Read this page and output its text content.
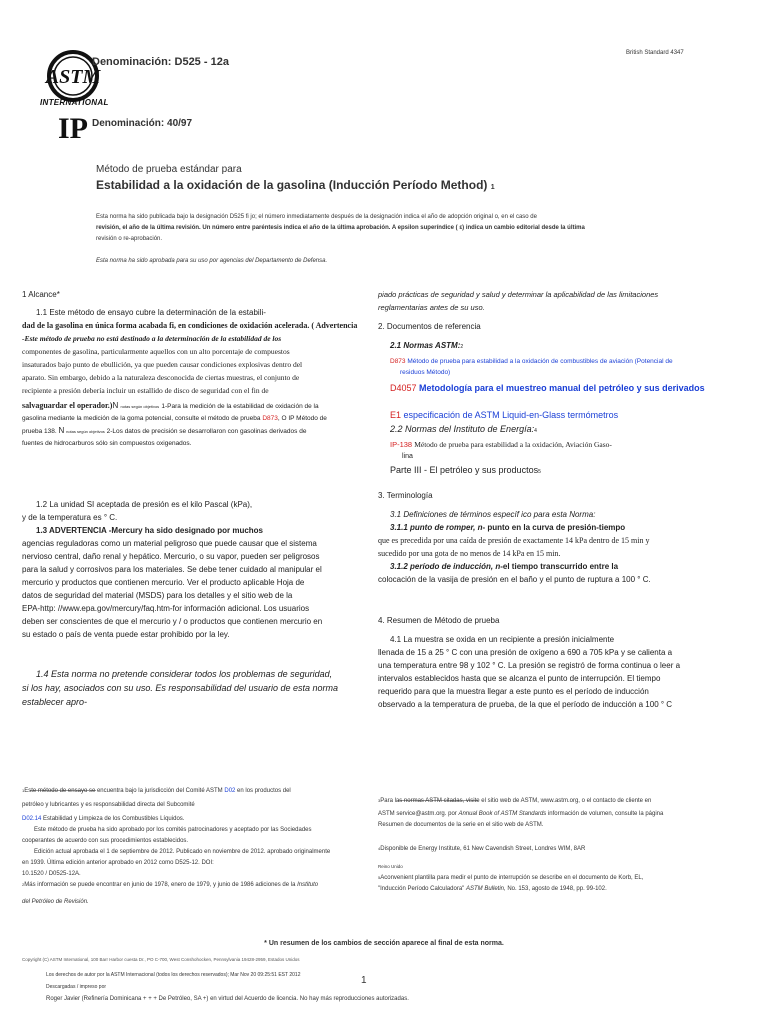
ASTM
INTERNATIONAL
Denominación: D525 - 12a
British Standard 4347
IP Denominación: 40/97
Método de prueba estándar para
Estabilidad a la oxidación de la gasolina (Inducción Período Method) 1
Esta norma ha sido publicada bajo la designación D525 fi jo; el número inmediatamente después de la designación indica el año de adopción original o, en el caso de
revisión, el año de la última revisión. Un número entre paréntesis indica el año de la última aprobación. A epsilon superíndice ( ε) indica un cambio editorial desde la última
revisión o re-aprobación.
Esta norma ha sido aprobada para su uso por agencias del Departamento de Defensa.

1 Alcance*

1.1 Este método de ensayo cubre la determinación de la estabili-

dad de la gasolina en única forma acabada fi, en condiciones de oxidación acelerada. ( Advertencia

-Este método de prueba no está destinado a la determinación de la estabilidad de los

componentes de gasolina, particularmente aquellos con un alto porcentaje de compuestos

insaturados bajo punto de ebullición, ya que pueden causar condiciones explosivas dentro del

aparato. Sin embargo, debido a la naturaleza desconocida de ciertas muestras, el conjunto de

recipiente a presión debería incluir un estallido de disco de seguridad con el fin de

salvaguardar el operador.)N notas según objetivos 1-Para la medición de la estabilidad de oxidación de la

gasolina mediante la medición de la goma potencial, consulte el método de prueba D873, O IP Método de

prueba 138. N notas según objetivos 2-Los datos de precisión se desarrollaron con gasolinas derivados de

fuentes de hidrocarburos sólo sin compuestos oxigenados.

1.2 La unidad SI aceptada de presión es el kilo Pascal (kPa),

y de la temperatura es ° C.

1.3 ADVERTENCIA -Mercury ha sido designado por muchos

agencias reguladoras como un material peligroso que puede causar que el sistema

nervioso central, daño renal y hepático. Mercurio, o su vapor, pueden ser peligrosos

para la salud y corrosivos para los materiales. Se debe tener cuidado al manipular el

mercurio y productos que contienen mercurio. Ver el producto aplicable Hoja de

datos de seguridad del material (MSDS) para los detalles y el sitio web de la

EPA-http: //www.epa.gov/mercury/faq.htm-for información adicional. Los usuarios

deben ser conscientes de que el mercurio y / o productos que contienen mercurio en

su estado o país de venta puede estar prohibido por la ley.

1.4 Esta norma no pretende considerar todos los problemas de seguridad,

si los hay, asociados con su uso. Es responsabilidad del usuario de esta norma

establecer apro-

piado prácticas de seguridad y salud y determinar la aplicabilidad de las limitaciones

reglamentarias antes de su uso.

2. Documentos de referencia

2.1 Normas ASTM:2

D873 Método de prueba para estabilidad a la oxidación de combustibles de aviación (Potencial de

residuos Método)

D4057 Metodología para el muestreo manual del petróleo y sus derivados

E1 especificación de ASTM Liquid-en-Glass termómetros

2.2 Normas del Instituto de Energía:4

IP-138 Método de prueba para estabilidad a la oxidación, Aviación Gaso-

lina

Parte III - El petróleo y sus productos5

3. Terminología

3.1 Definiciones de términos específ ico para esta Norma:

3.1.1 punto de romper, n- punto en la curva de presión-tiempo

que es precedida por una caída de presión de exactamente 14 kPa dentro de 15 min y

sucedido por una gota de no menos de 14 kPa en 15 min.

3.1.2 período de inducción, n-el tiempo transcurrido entre la

colocación de la vasija de presión en el baño y el punto de ruptura a 100 ° C.

4. Resumen de Método de prueba

4.1 La muestra se oxida en un recipiente a presión inicialmente

llenada de 15 a 25 ° C con una presión de oxígeno a 690 a 705 kPa y se calienta a

una temperatura entre 98 y 102 ° C. La presión se registró de forma continua o leer a

intervalos establecidos hasta que se alcanza el punto de interrupción. El tiempo

requerido para que la muestra llegar a este punto es el período de inducción

observado a la temperatura de prueba, de la que el período de inducción a 100 ° C

1Este método de ensayo se encuentra bajo la jurisdicción del Comité ASTM D02 en los productos del
petróleo y lubricantes y es responsabilidad directa del Subcomité
D02.14 Estabilidad y Limpieza de los Combustibles Líquidos.
Este método de prueba ha sido aprobado por los comités patrocinadores y aceptado por las Sociedades
cooperantes de acuerdo con sus procedimientos establecidos.
Edición actual aprobada el 1 de septiembre de 2012. Publicado en noviembre de 2012. aprobado originalmente
en 1939. Última edición anterior aprobado en 2012 como D525-12. DOI:
10.1520 / D0525-12A.
2Más información se puede encontrar en junio de 1978, enero de 1979, y junio de 1986 adiciones de la Instituto
del Petróleo de Revisión.
3Para las normas ASTM citadas, visite el sitio web de ASTM, www.astm.org, o el contacto de cliente en
ASTM service@astm.org. por Annual Book of ASTM Standards información de volumen, consulte la página
Resumen de documentos de la serie en el sitio web de ASTM.
4Disponible de Energy Institute, 61 New Cavendish Street, Londres WIM, 8AR
Reino Unido
5Aconvenient plantilla para medir el punto de interrupción se describe en el documento de Korb, EL,
"Inducción Período Calculadora" ASTM Bulletin, No. 153, agosto de 1948, pp. 99-102.
* Un resumen de los cambios de sección aparece al final de esta norma.
Copyright (C) ASTM International, 100 Barr Harbor cuesta Dr., PO C-700, West Conshohocken, Pennsylvania 19428-2959, Estados Unidos
Los derechos de autor por la ASTM Internacional (todos los derechos reservados); Mar Nov 20 09:25:51 EST 2012	1
Descargadas / impreso por
Roger Javier (Refinería Dominicana + + + De Petróleo, SA +) en virtud del Acuerdo de licencia. No hay más reproducciones autorizadas.
